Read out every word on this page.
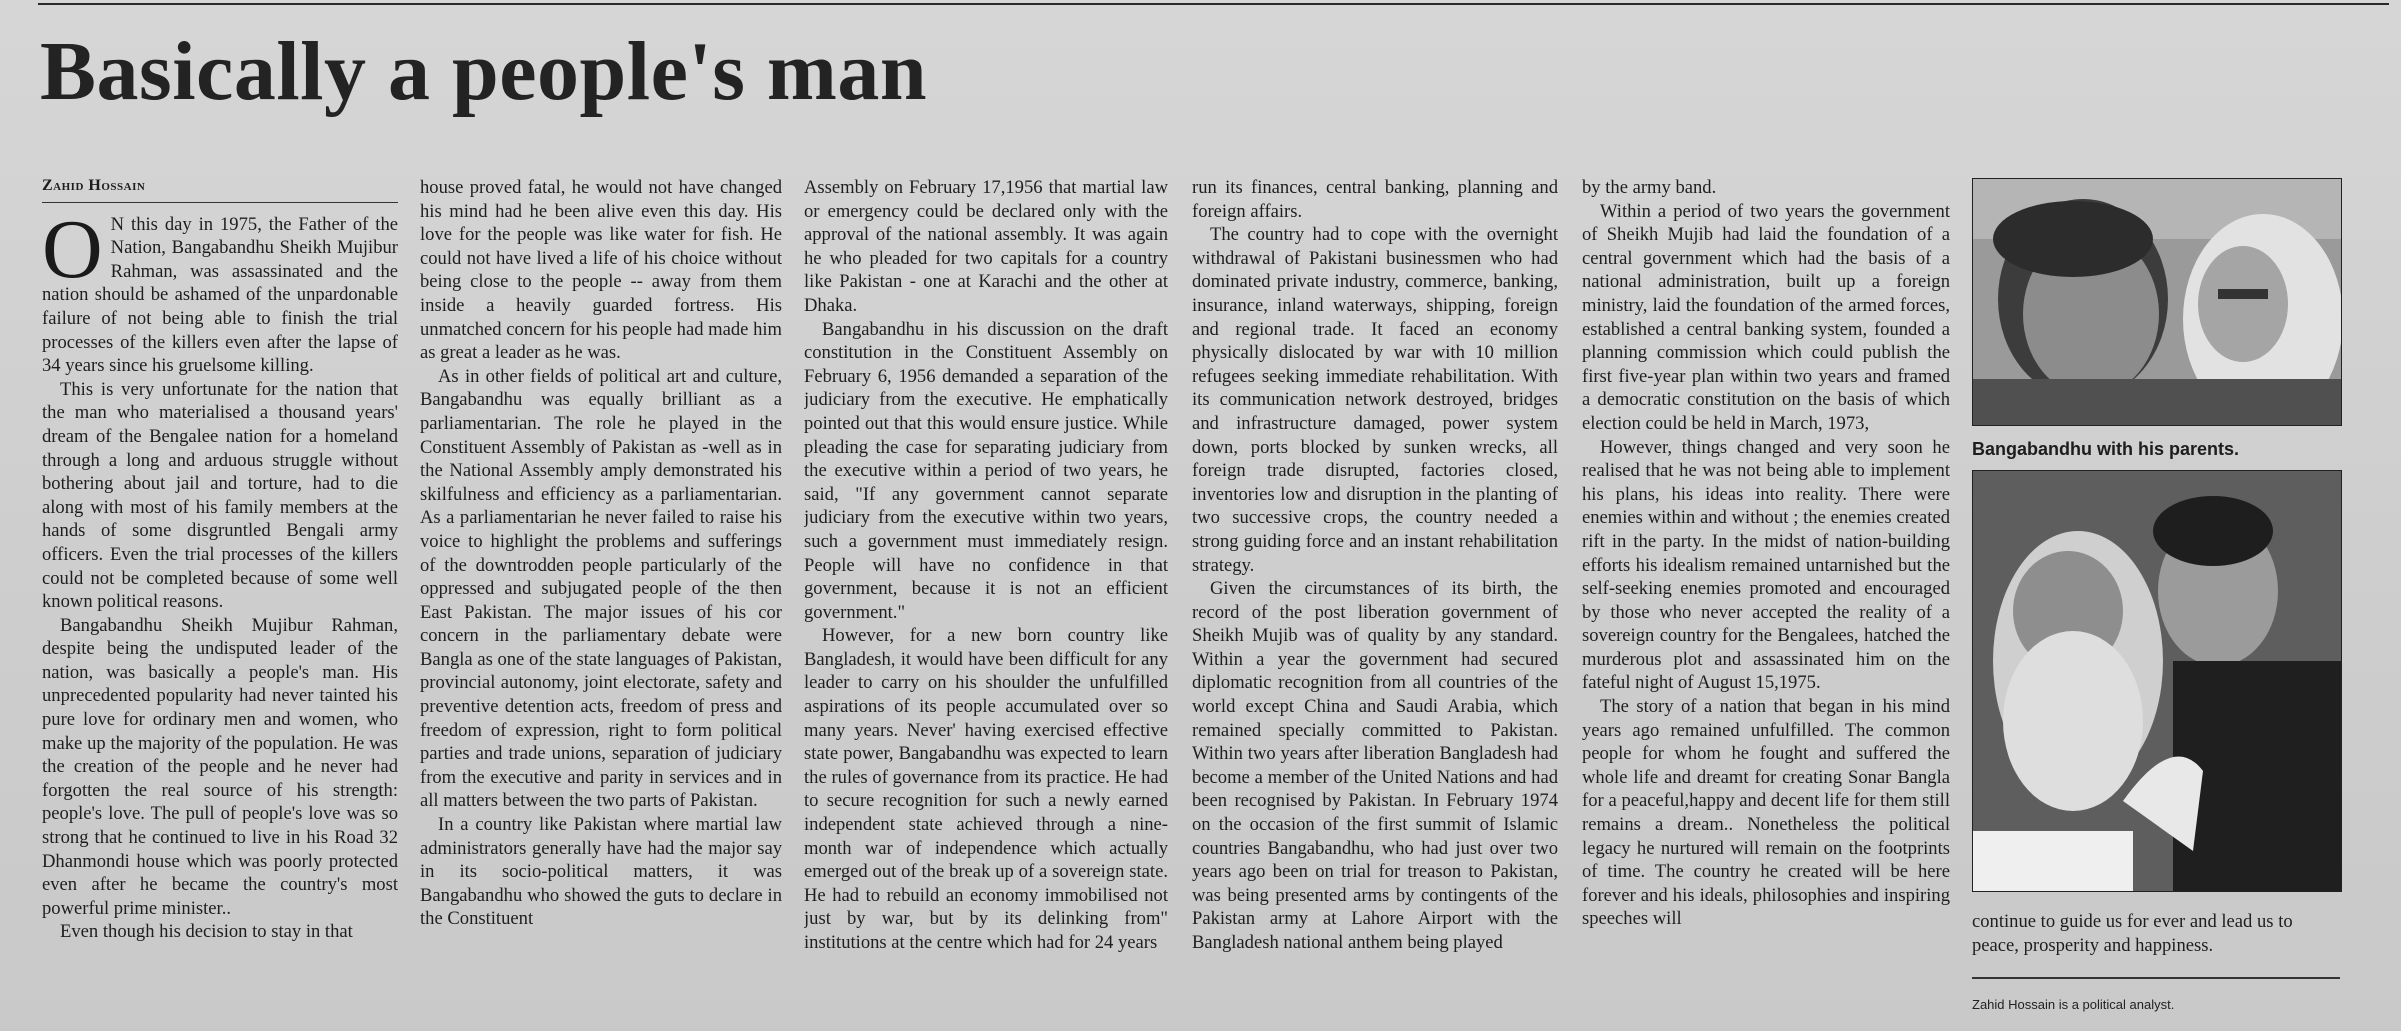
Basically a people's man
Zahid Hossain
O N this day in 1975, the Father of the Nation, Bangabandhu Sheikh Mujibur Rahman, was assassinated and the nation should be ashamed of the unpardonable failure of not being able to finish the trial processes of the killers even after the lapse of 34 years since his gruelsome killing.

This is very unfortunate for the nation that the man who materialised a thousand years' dream of the Bengalee nation for a homeland through a long and arduous struggle without bothering about jail and torture, had to die along with most of his family members at the hands of some disgruntled Bengali army officers. Even the trial processes of the killers could not be completed because of some well known political reasons.

Bangabandhu Sheikh Mujibur Rahman, despite being the undisputed leader of the nation, was basically a people's man. His unprecedented popularity had never tainted his pure love for ordinary men and women, who make up the majority of the population. He was the creation of the people and he never had forgotten the real source of his strength: people's love. The pull of people's love was so strong that he continued to live in his Road 32 Dhanmondi house which was poorly protected even after he became the country's most powerful prime minister..

Even though his decision to stay in that

house proved fatal, he would not have changed his mind had he been alive even this day. His love for the people was like water for fish. He could not have lived a life of his choice without being close to the people -- away from them inside a heavily guarded fortress. His unmatched concern for his people had made him as great a leader as he was.

As in other fields of political art and culture, Bangabandhu was equally brilliant as a parliamentarian. The role he played in the Constituent Assembly of Pakistan as -well as in the National Assembly amply demonstrated his skilfulness and efficiency as a parliamentarian. As a parliamentarian he never failed to raise his voice to highlight the problems and sufferings of the downtrodden people particularly of the oppressed and subjugated people of the then East Pakistan. The major issues of his cor concern in the parliamentary debate were Bangla as one of the state languages of Pakistan, provincial autonomy, joint electorate, safety and preventive detention acts, freedom of press and freedom of expression, right to form political parties and trade unions, separation of judiciary from the executive and parity in services and in all matters between the two parts of Pakistan.

In a country like Pakistan where martial law administrators generally have had the major say in its socio-political matters, it was Bangabandhu who showed the guts to declare in the Constituent

Assembly on February 17,1956 that martial law or emergency could be declared only with the approval of the national assembly. It was again he who pleaded for two capitals for a country like Pakistan - one at Karachi and the other at Dhaka.

Bangabandhu in his discussion on the draft constitution in the Constituent Assembly on February 6, 1956 demanded a separation of the judiciary from the executive. He emphatically pointed out that this would ensure justice. While pleading the case for separating judiciary from the executive within a period of two years, he said, "If any government cannot separate judiciary from the executive within two years, such a government must immediately resign. People will have no confidence in that government, because it is not an efficient government."

However, for a new born country like Bangladesh, it would have been difficult for any leader to carry on his shoulder the unfulfilled aspirations of its people accumulated over so many years. Never' having exercised effective state power, Bangabandhu was expected to learn the rules of governance from its practice. He had to secure recognition for such a newly earned independent state achieved through a nine-month war of independence which actually emerged out of the break up of a sovereign state. He had to rebuild an economy immobilised not just by war, but by its delinking from" institutions at the centre which had for 24 years

run its finances, central banking, planning and foreign affairs.

The country had to cope with the overnight withdrawal of Pakistani businessmen who had dominated private industry, commerce, banking, insurance, inland waterways, shipping, foreign and regional trade. It faced an economy physically dislocated by war with 10 million refugees seeking immediate rehabilitation. With its communication network destroyed, bridges and infrastructure damaged, power system down, ports blocked by sunken wrecks, all foreign trade disrupted, factories closed, inventories low and disruption in the planting of two successive crops, the country needed a strong guiding force and an instant rehabilitation strategy.

Given the circumstances of its birth, the record of the post liberation government of Sheikh Mujib was of quality by any standard. Within a year the government had secured diplomatic recognition from all countries of the world except China and Saudi Arabia, which remained specially committed to Pakistan. Within two years after liberation Bangladesh had become a member of the United Nations and had been recognised by Pakistan. In February 1974 on the occasion of the first summit of Islamic countries Bangabandhu, who had just over two years ago been on trial for treason to Pakistan, was being presented arms by contingents of the Pakistan army at Lahore Airport with the Bangladesh national anthem being played

by the army band.

Within a period of two years the government of Sheikh Mujib had laid the foundation of a central government which had the basis of a national administration, built up a foreign ministry, laid the foundation of the armed forces, established a central banking system, founded a planning commission which could publish the first five-year plan within two years and framed a democratic constitution on the basis of which election could be held in March, 1973,

However, things changed and very soon he realised that he was not being able to implement his plans, his ideas into reality. There were enemies within and without ; the enemies created rift in the party. In the midst of nation-building efforts his idealism remained untarnished but the self-seeking enemies promoted and encouraged by those who never accepted the reality of a sovereign country for the Bengalees, hatched the murderous plot and assassinated him on the fateful night of August 15,1975.

The story of a nation that began in his mind years ago remained unfulfilled. The common people for whom he fought and suffered the whole life and dreamt for creating Sonar Bangla for a peaceful,happy and decent life for them still remains a dream.. Nonetheless the political legacy he nurtured will remain on the footprints of time. The country he created will be here forever and his ideals, philosophies and inspiring speeches will

Bangabandhu with his parents.
continue to guide us for ever and lead us to peace, prosperity and happiness.
Zahid Hossain is a political analyst.
